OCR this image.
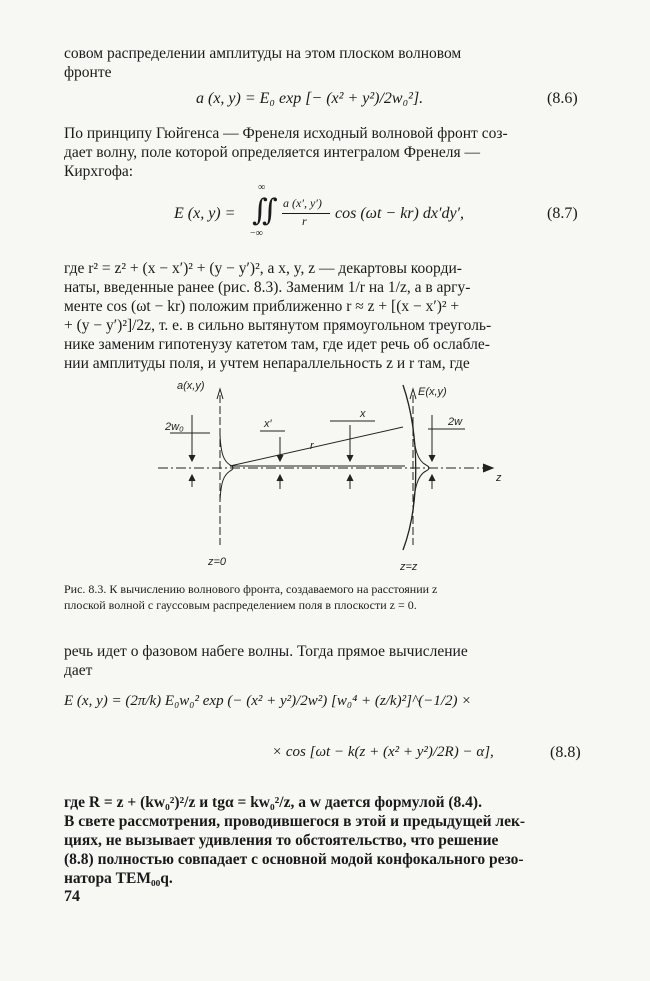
совом распределении амплитуды на этом плоском волновом
фронте
a (x, y) = E₀ exp [− (x² + y²)/2w₀²].	(8.6)
По принципу Гюйгенса — Френеля исходный волновой фронт соз-
дает волну, поле которой определяется интегралом Френеля —
Кирхгофа:
E (x, y) = ∬
∞
−∞
a (x′, y′)
r cos (ωt − kr) dx′dy′,	(8.7)
где r² = z² + (x − x′)² + (y − y′)², а x, y, z — декартовы коорди-
наты, введенные ранее (рис. 8.3). Заменим 1/r на 1/z, а в аргу-
менте cos (ωt − kr) положим приближенно r ≈ z + [(x − x′)² +
+ (y − y′)²]/2z, т. е. в сильно вытянутом прямоугольном треуголь-
нике заменим гипотенузу катетом там, где идет речь об ослабле-
нии амплитуды поля, и учтем непараллельность z и r там, где
a(x,y)	E(x,y)
2w₀	x′
x
r
2w
z
z=0	z=z
Рис. 8.3. К вычислению волнового фронта, создаваемого на расстоянии z
плоской волной с гауссовым распределением поля в плоскости z = 0.
речь идет о фазовом набеге волны. Тогда прямое вычисление
дает
E (x, y) = (2π/k) E₀w₀² exp (− (x² + y²)/2w²) [w₀⁴ + (z/k)²]^(−1/2) ×
× cos [ωt − k(z + (x² + y²)/2R) − α],	(8.8)
где R = z + (kw₀²)²/z и tgα = kw₀²/z, а w дается формулой (8.4).
В свете рассмотрения, проводившегося в этой и предыдущей лек-
циях, не вызывает удивления то обстоятельство, что решение
(8.8) полностью совпадает с основной модой конфокального резо-
натора TEM₀₀q.
74
